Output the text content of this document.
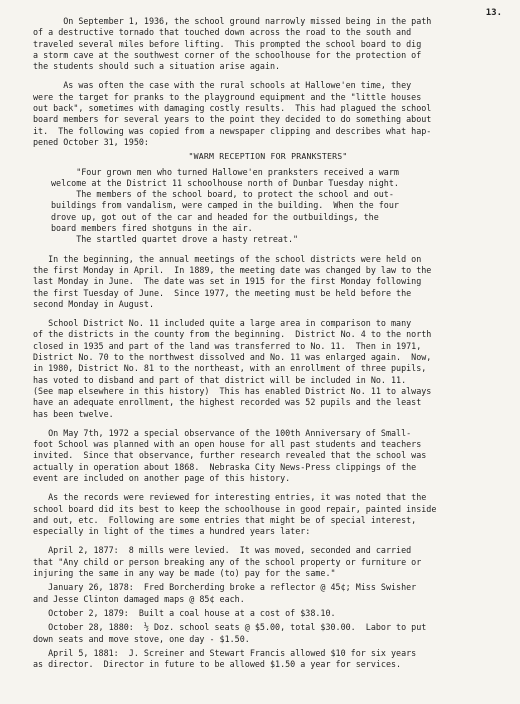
13.
On September 1, 1936, the school ground narrowly missed being in the path
of a destructive tornado that touched down across the road to the south and
traveled several miles before lifting.  This prompted the school board to dig
a storm cave at the southwest corner of the schoolhouse for the protection of
the students should such a situation arise again.
As was often the case with the rural schools at Hallowe'en time, they
were the target for pranks to the playground equipment and the "little houses
out back", sometimes with damaging costly results.  This had plagued the school
board members for several years to the point they decided to do something about
it.  The following was copied from a newspaper clipping and describes what hap-
pened October 31, 1950:
"WARM RECEPTION FOR PRANKSTERS"
"Four grown men who turned Hallowe'en pranksters received a warm
welcome at the District 11 schoolhouse north of Dunbar Tuesday night.
The members of the school board, to protect the school and out-
buildings from vandalism, were camped in the building.  When the four
drove up, got out of the car and headed for the outbuildings, the
board members fired shotguns in the air.
The startled quartet drove a hasty retreat."
In the beginning, the annual meetings of the school districts were held on
the first Monday in April.  In 1889, the meeting date was changed by law to the
last Monday in June.  The date was set in 1915 for the first Monday following
the first Tuesday of June.  Since 1977, the meeting must be held before the
second Monday in August.
School District No. 11 included quite a large area in comparison to many
of the districts in the county from the beginning.  District No. 4 to the north
closed in 1935 and part of the land was transferred to No. 11.  Then in 1971,
District No. 70 to the northwest dissolved and No. 11 was enlarged again.  Now,
in 1980, District No. 81 to the northeast, with an enrollment of three pupils,
has voted to disband and part of that district will be included in No. 11.
(See map elsewhere in this history)  This has enabled District No. 11 to always
have an adequate enrollment, the highest recorded was 52 pupils and the least
has been twelve.
On May 7th, 1972 a special observance of the 100th Anniversary of Small-
foot School was planned with an open house for all past students and teachers
invited.  Since that observance, further research revealed that the school was
actually in operation about 1868.  Nebraska City News-Press clippings of the
event are included on another page of this history.
As the records were reviewed for interesting entries, it was noted that the
school board did its best to keep the schoolhouse in good repair, painted inside
and out, etc.  Following are some entries that might be of special interest,
especially in light of the times a hundred years later:
April 2, 1877:  8 mills were levied.  It was moved, seconded and carried
that "Any child or person breaking any of the school property or furniture or
injuring the same in any way be made (to) pay for the same."
January 26, 1878:  Fred Borcherding broke a reflector @ 45¢; Miss Swisher
and Jesse Clinton damaged maps @ 85¢ each.
October 2, 1879:  Built a coal house at a cost of $38.10.
October 28, 1880:  ½ Doz. school seats @ $5.00, total $30.00.  Labor to put
down seats and move stove, one day - $1.50.
April 5, 1881:  J. Screiner and Stewart Francis allowed $10 for six years
as director.  Director in future to be allowed $1.50 a year for services.
